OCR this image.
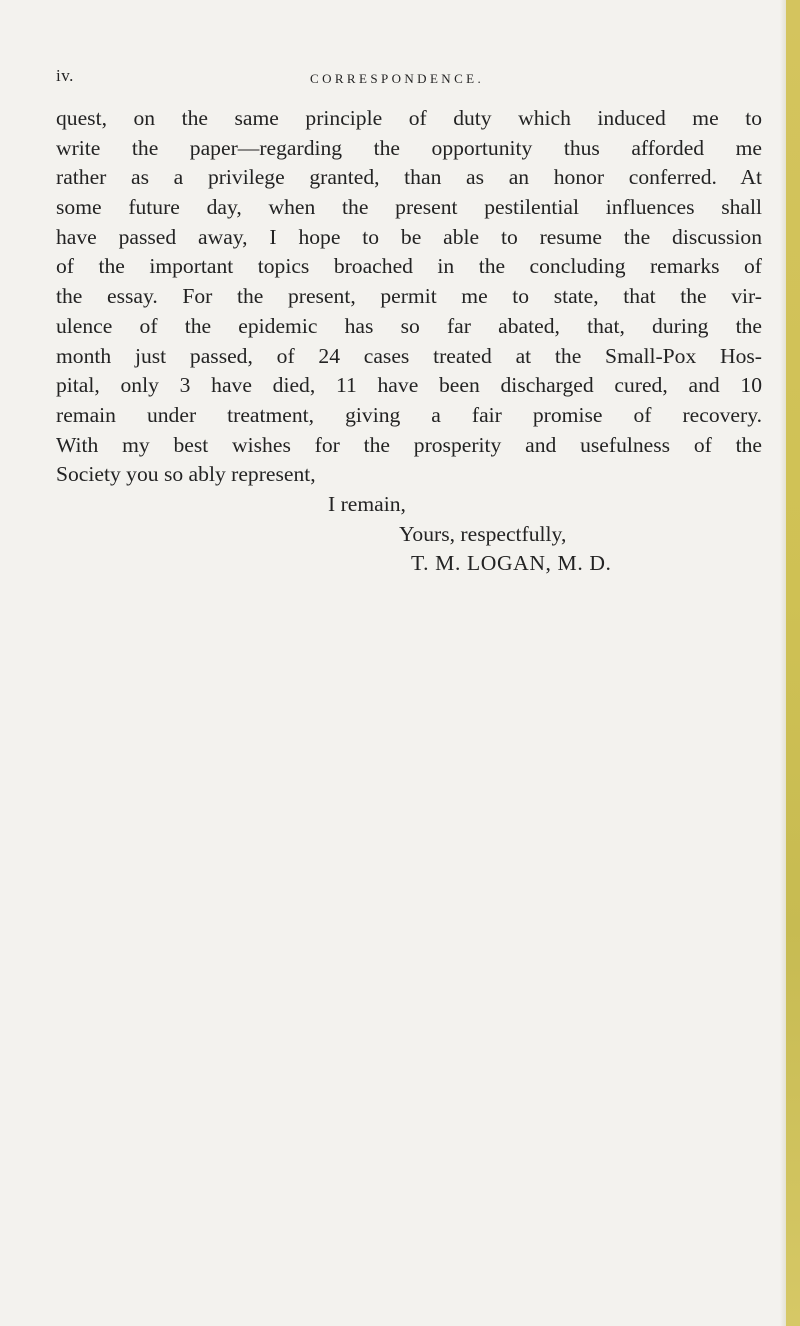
iv.	CORRESPONDENCE.
quest, on the same principle of duty which induced me to
write the paper—regarding the opportunity thus afforded me
rather as a privilege granted, than as an honor conferred. At
some future day, when the present pestilential influences shall
have passed away, I hope to be able to resume the discussion
of the important topics broached in the concluding remarks of
the essay. For the present, permit me to state, that the vir-
ulence of the epidemic has so far abated, that, during the
month just passed, of 24 cases treated at the Small-Pox Hos-
pital, only 3 have died, 11 have been discharged cured, and 10
remain under treatment, giving a fair promise of recovery.
With my best wishes for the prosperity and usefulness of the
Society you so ably represent,
I remain,
Yours, respectfully,
T. M. LOGAN, M. D.
